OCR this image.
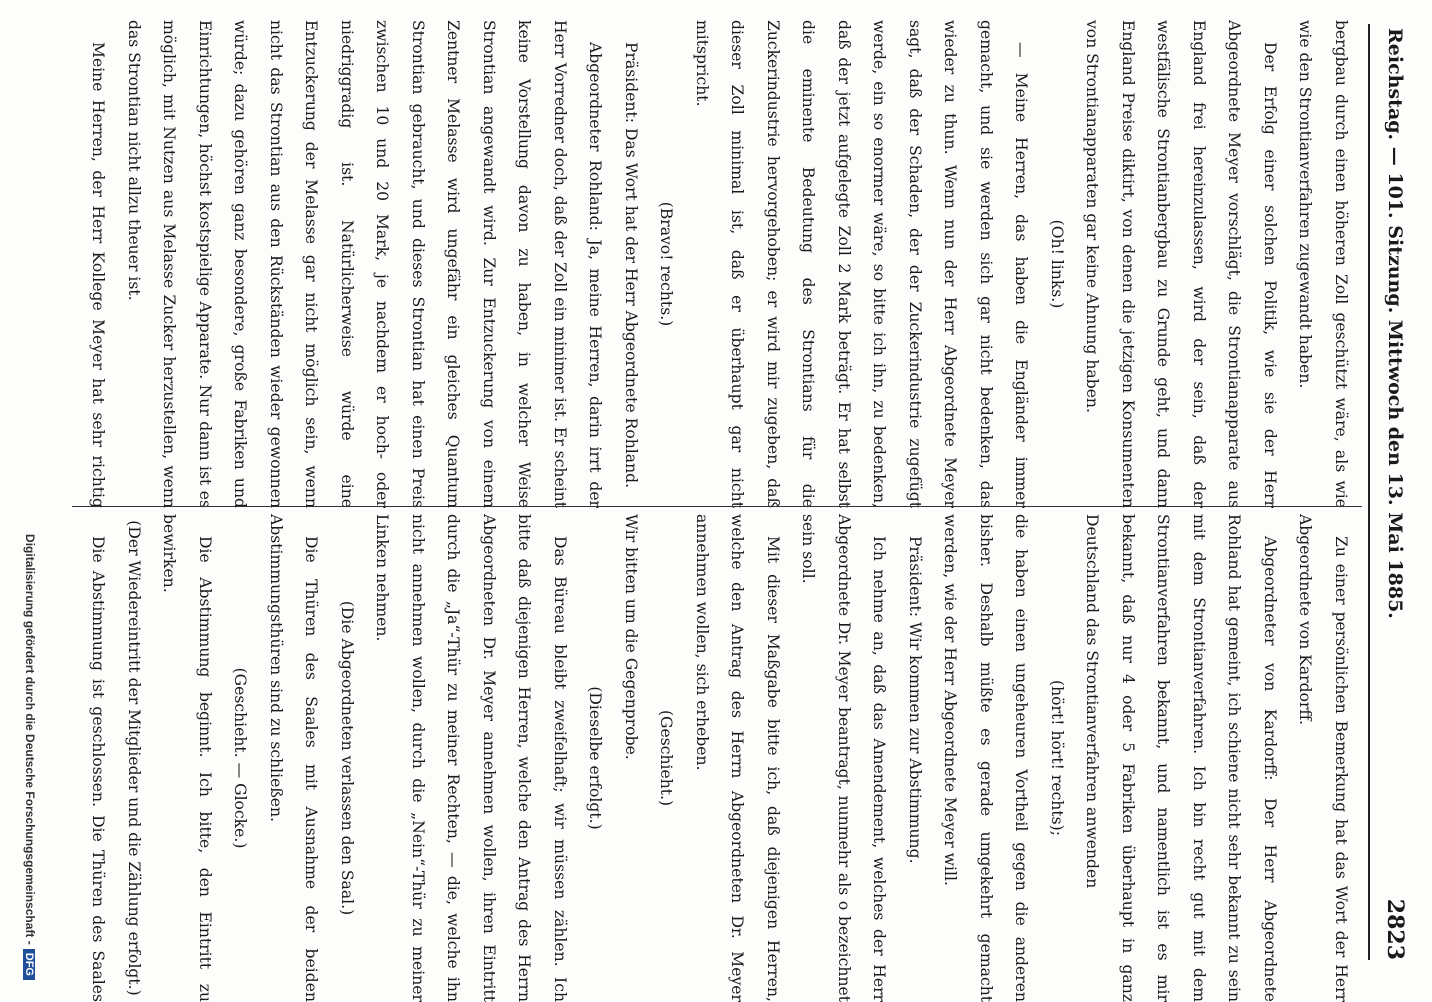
Reichstag. — 101. Sitzung. Mittwoch den 13. Mai 1885.
2823

bergbau durch einen höheren Zoll geschützt wäre, als wie wie den Strontianverfahren zugewandt haben.

Der Erfolg einer solchen Politik, wie sie der Herr Abgeordnete Meyer vorschlägt, die Strontianapparate aus England frei hereinzulassen, wird der sein, daß der westfälische Strontianbergbau zu Grunde geht, und dann England Preise diktirt, von denen die jetzigen Konsumenten von Strontianapparaten gar keine Ahnung haben.

(Oh! links.)

— Meine Herren, das haben die Engländer immer gemacht, und sie werden sich gar nicht bedenken, das wieder zu thun. Wenn nun der Herr Abgeordnete Meyer sagt, daß der Schaden, der der Zuckerindustrie zugefügt werde, ein so enormer wäre, so bitte ich ihn, zu bedenken, daß der jetzt aufgelegte Zoll 2 Mark beträgt. Er hat selbst die eminente Bedeutung des Strontians für die Zuckerindustrie hervorgehoben; er wird mir zugeben, daß dieser Zoll minimal ist, daß er überhaupt gar nicht mitspricht.

(Bravo! rechts.)

Präsident: Das Wort hat der Herr Abgeordnete Rohland.

Abgeordneter Rohland: Ja, meine Herren, darin irrt der Herr Vorredner doch, daß der Zoll ein minimer ist. Er scheint keine Vorstellung davon zu haben, in welcher Weise Strontian angewandt wird. Zur Entzuckerung von einem Zentner Melasse wird ungefähr ein gleiches Quantum Strontian gebraucht, und dieses Strontian hat einen Preis zwischen 10 und 20 Mark, je nachdem er hoch- oder niedriggradig ist. Natürlicherweise würde eine Entzuckerung der Melasse gar nicht möglich sein, wenn nicht das Strontian aus den Rückständen wieder gewonnen würde; dazu gehören ganz besondere, große Fabriken und Einrichtungen, höchst kostspielige Apparate. Nur dann ist es möglich, mit Nutzen aus Melasse Zucker herzustellen, wenn das Strontian nicht allzu theuer ist.

Meine Herren, der Herr Kollege Meyer hat sehr richtig

Zu einer persönlichen Bemerkung hat das Wort der Herr Abgeordnete von Kardorff.

Abgeordneter von Kardorff: Der Herr Abgeordnete Rohland hat gemeint, ich schiene nicht sehr bekannt zu sein mit dem Strontianverfahren. Ich bin recht gut mit dem Strontianverfahren bekannt, und namentlich ist es mir bekannt, daß nur 4 oder 5 Fabriken überhaupt in ganz Deutschland das Strontianverfahren anwenden

(hört! hört! rechts);

die haben einen ungeheuren Vortheil gegen die anderen bisher. Deshalb müßte es gerade umgekehrt gemacht werden, wie der Herr Abgeordnete Meyer will.

Präsident: Wir kommen zur Abstimmung.

Ich nehme an, daß das Amendement, welches der Herr Abgeordnete Dr. Meyer beantragt, nunmehr als o bezeichnet sein soll.

Mit dieser Maßgabe bitte ich, daß diejenigen Herren, welche den Antrag des Herrn Abgeordneten Dr. Meyer annehmen wollen, sich erheben.

(Geschieht.)

Wir bitten um die Gegenprobe.

(Dieselbe erfolgt.)

Das Büreau bleibt zweifelhaft; wir müssen zählen. Ich bitte daß diejenigen Herren, welche den Antrag des Herrn Abgeordneten Dr. Meyer annehmen wollen, ihren Eintritt durch die „Ja“-Thür zu meiner Rechten, — die, welche ihn nicht annehmen wollen, durch die „Nein“-Thür zu meiner Linken nehmen.

(Die Abgeordneten verlassen den Saal.)

Die Thüren des Saales mit Ausnahme der beiden Abstimmungsthüren sind zu schließen.

(Geschieht. — Glocke.)

Die Abstimmung beginnt. Ich bitte, den Eintritt zu bewirken.

(Der Wiedereintritt der Mitglieder und die Zählung erfolgt.)

Die Abstimmung ist geschlossen. Die Thüren des Saales

Digitalisierung gefördert durch die Deutsche Forschungsgemeinschaft -DFG
